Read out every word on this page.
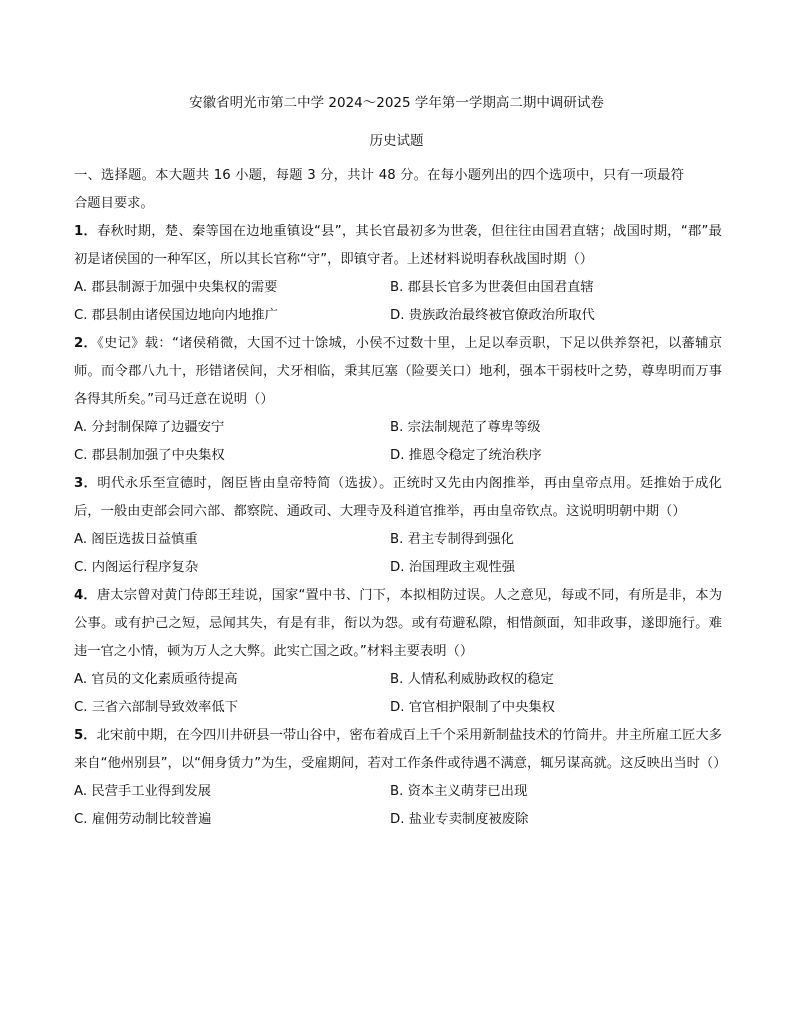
安徽省明光市第二中学 2024～2025 学年第一学期高二期中调研试卷
历史试题

一、选择题。本大题共 16 小题，每题 3 分，共计 48 分。在每小题列出的四个选项中，只有一项最符合题目要求。

1．春秋时期，楚、秦等国在边地重镇设“县”，其长官最初多为世袭，但往往由国君直辖；战国时期，“郡”最初是诸侯国的一种军区，所以其长官称“守”，即镇守者。上述材料说明春秋战国时期（）

A. 郡县制源于加强中央集权的需要	B. 郡县长官多为世袭但由国君直辖
C. 郡县制由诸侯国边地向内地推广	D. 贵族政治最终被官僚政治所取代

2．《史记》载：“诸侯稍微，大国不过十馀城，小侯不过数十里，上足以奉贡职，下足以供养祭祀，以蕃辅京师。而令郡八九十，形错诸侯间，犬牙相临，秉其厄塞（险要关口）地利，强本干弱枝叶之势，尊卑明而万事各得其所矣。”司马迁意在说明（）

A. 分封制保障了边疆安宁	B. 宗法制规范了尊卑等级
C. 郡县制加强了中央集权	D. 推恩令稳定了统治秩序

3．明代永乐至宣德时，阁臣皆由皇帝特简（选拔）。正统时又先由内阁推举，再由皇帝点用。廷推始于成化后，一般由吏部会同六部、都察院、通政司、大理寺及科道官推举，再由皇帝钦点。这说明明朝中期（）

A. 阁臣选拔日益慎重	B. 君主专制得到强化
C. 内阁运行程序复杂	D. 治国理政主观性强

4．唐太宗曾对黄门侍郎王珪说，国家“置中书、门下，本拟相防过误。人之意见，每或不同，有所是非，本为公事。或有护己之短，忌闻其失，有是有非，衔以为怨。或有苟避私隙，相惜颜面，知非政事，遂即施行。难违一官之小情，顿为万人之大弊。此实亡国之政。”材料主要表明（）

A. 官员的文化素质亟待提高	B. 人情私利威胁政权的稳定
C. 三省六部制导致效率低下	D. 官官相护限制了中央集权

5．北宋前中期，在今四川井研县一带山谷中，密布着成百上千个采用新制盐技术的竹筒井。井主所雇工匠大多来自“他州别县”，以“佣身赁力”为生，受雇期间，若对工作条件或待遇不满意，辄另谋高就。这反映出当时（）

A. 民营手工业得到发展	B. 资本主义萌芽已出现
C. 雇佣劳动制比较普遍	D. 盐业专卖制度被废除
